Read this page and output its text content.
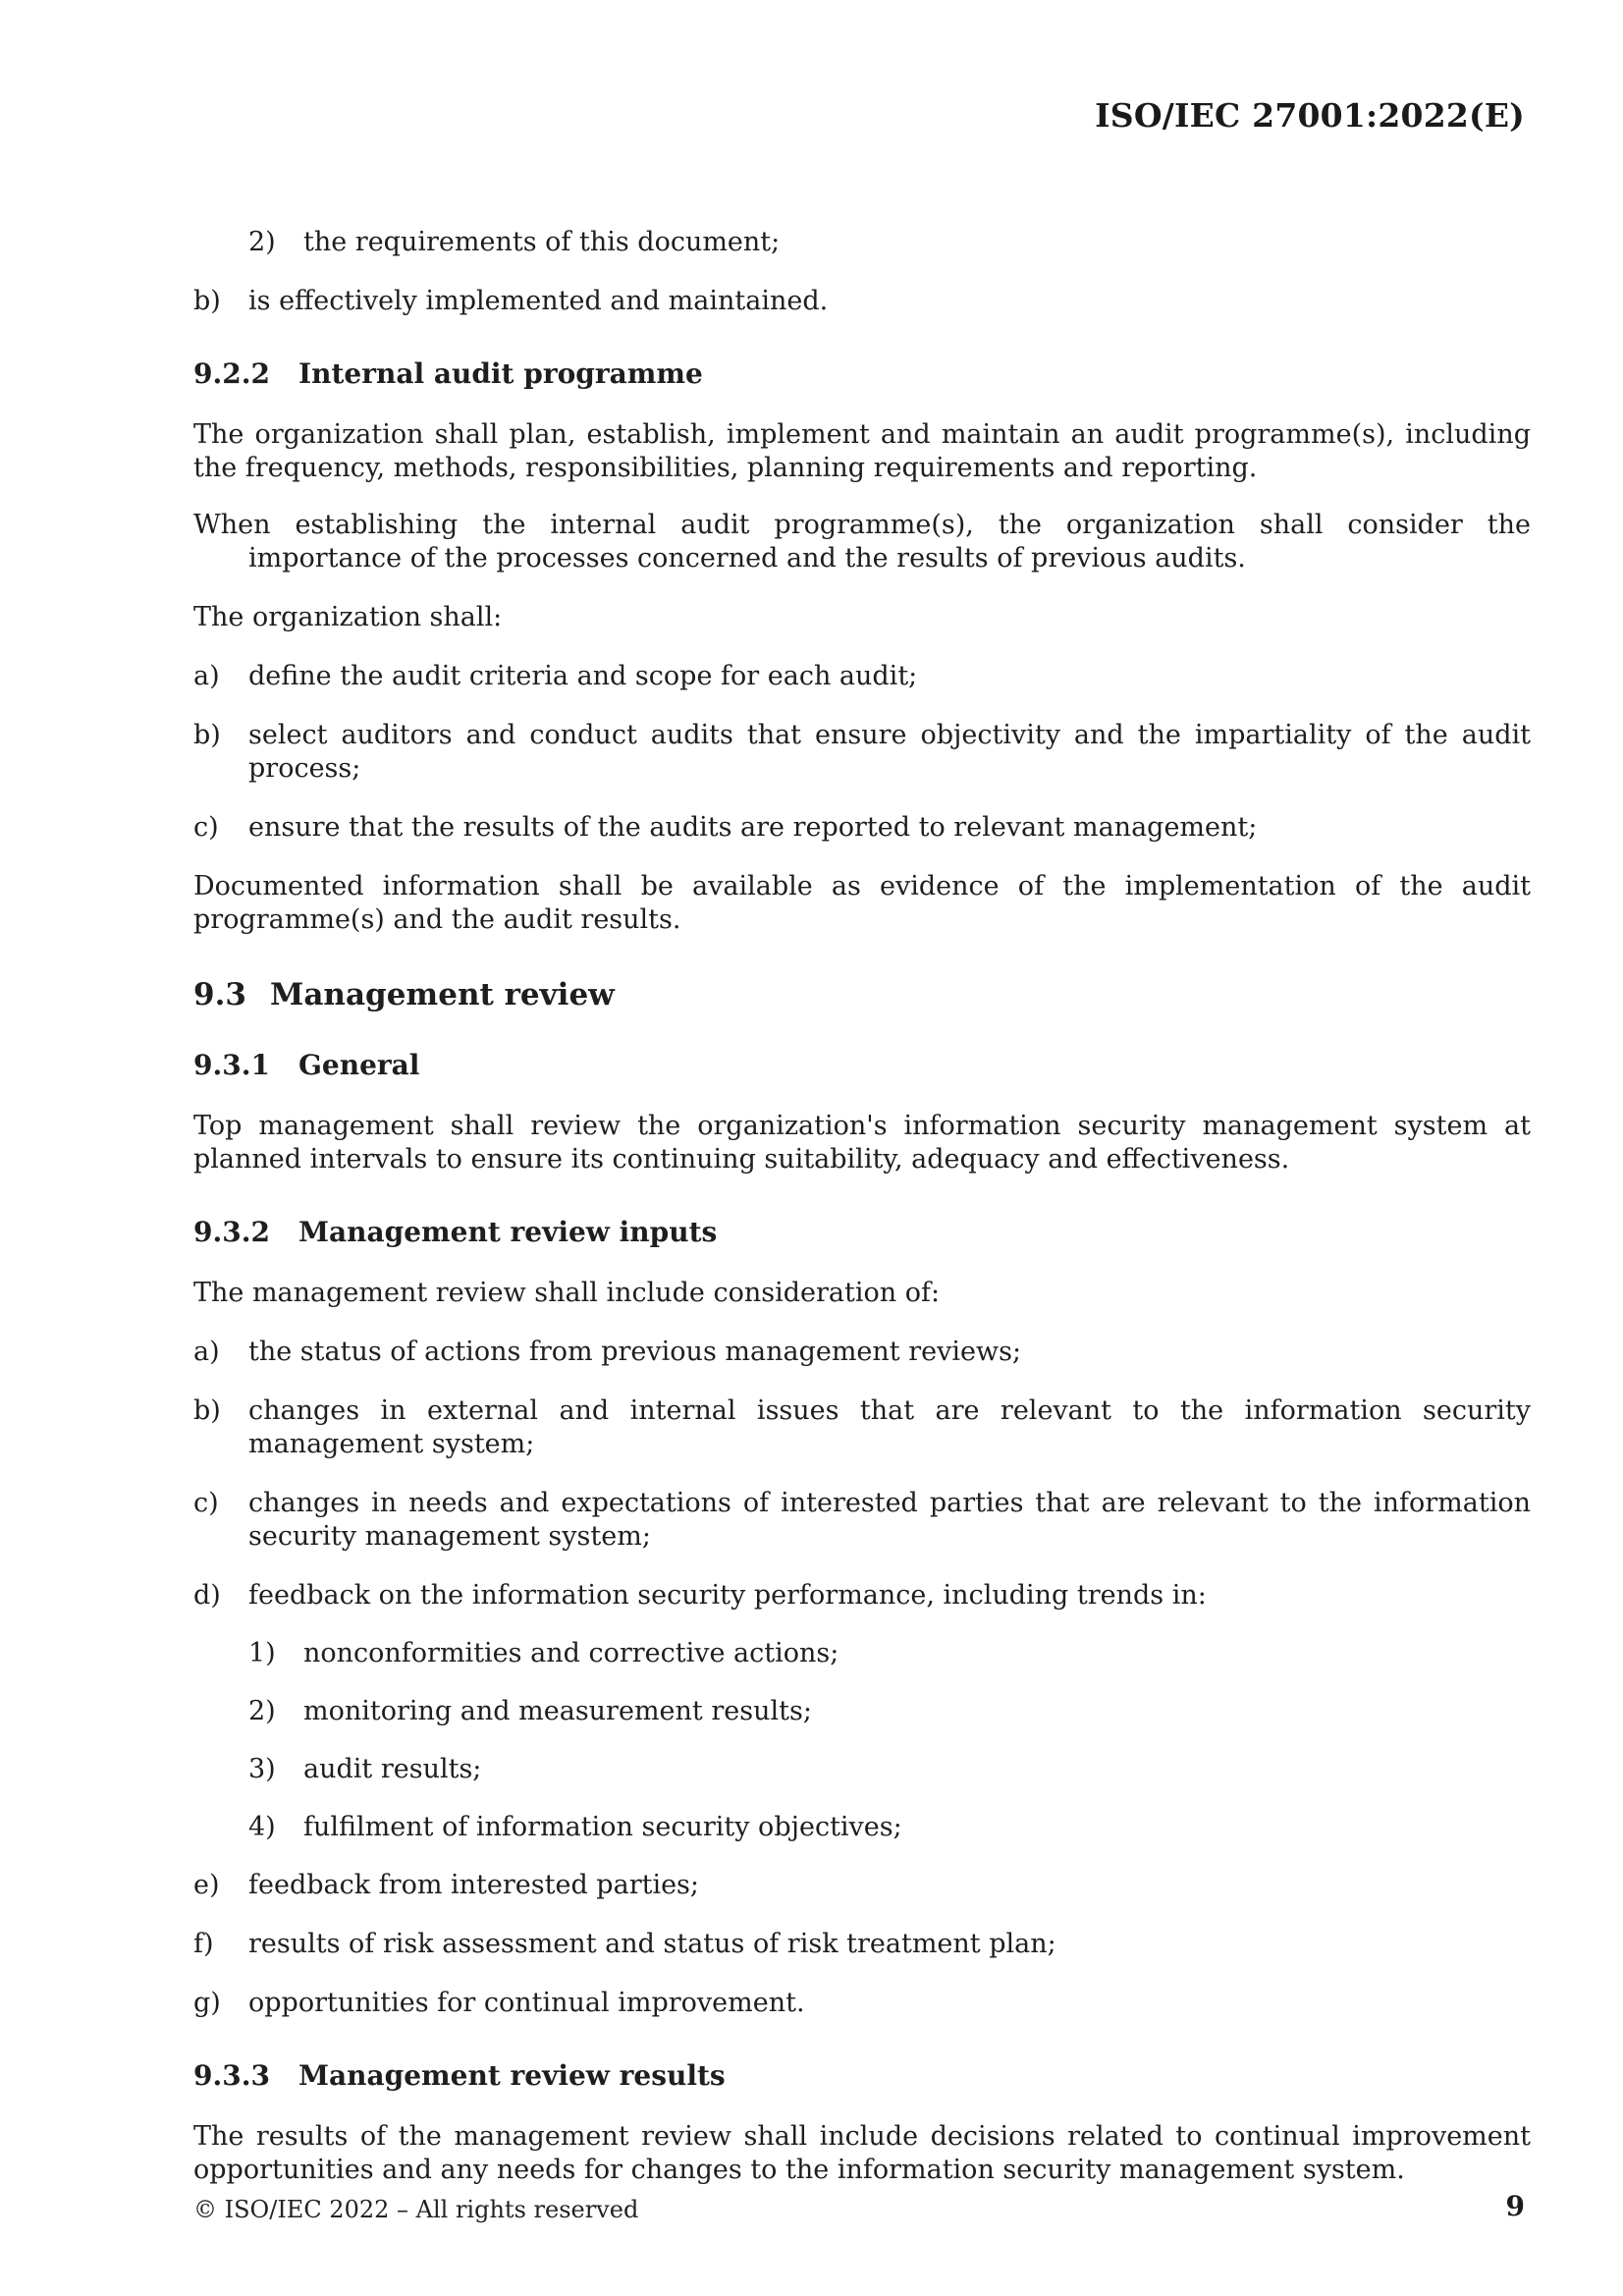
ISO/IEC 27001:2022(E)
2) the requirements of this document;
b) is effectively implemented and maintained.
9.2.2 Internal audit programme

The organization shall plan, establish, implement and maintain an audit programme(s), including the frequency, methods, responsibilities, planning requirements and reporting.

When establishing the internal audit programme(s), the organization shall consider the importance of the processes concerned and the results of previous audits.

The organization shall:

a) define the audit criteria and scope for each audit;
b) select auditors and conduct audits that ensure objectivity and the impartiality of the audit process;
c) ensure that the results of the audits are reported to relevant management;

Documented information shall be available as evidence of the implementation of the audit programme(s) and the audit results.

9.3 Management review
9.3.1 General

Top management shall review the organization's information security management system at planned intervals to ensure its continuing suitability, adequacy and effectiveness.

9.3.2 Management review inputs

The management review shall include consideration of:

a) the status of actions from previous management reviews;
b) changes in external and internal issues that are relevant to the information security management system;
c) changes in needs and expectations of interested parties that are relevant to the information security management system;
d) feedback on the information security performance, including trends in:
1) nonconformities and corrective actions;
2) monitoring and measurement results;
3) audit results;
4) fulfilment of information security objectives;
e) feedback from interested parties;
f) results of risk assessment and status of risk treatment plan;
g) opportunities for continual improvement.
9.3.3 Management review results

The results of the management review shall include decisions related to continual improvement opportunities and any needs for changes to the information security management system.

© ISO/IEC 2022 – All rights reserved	9
